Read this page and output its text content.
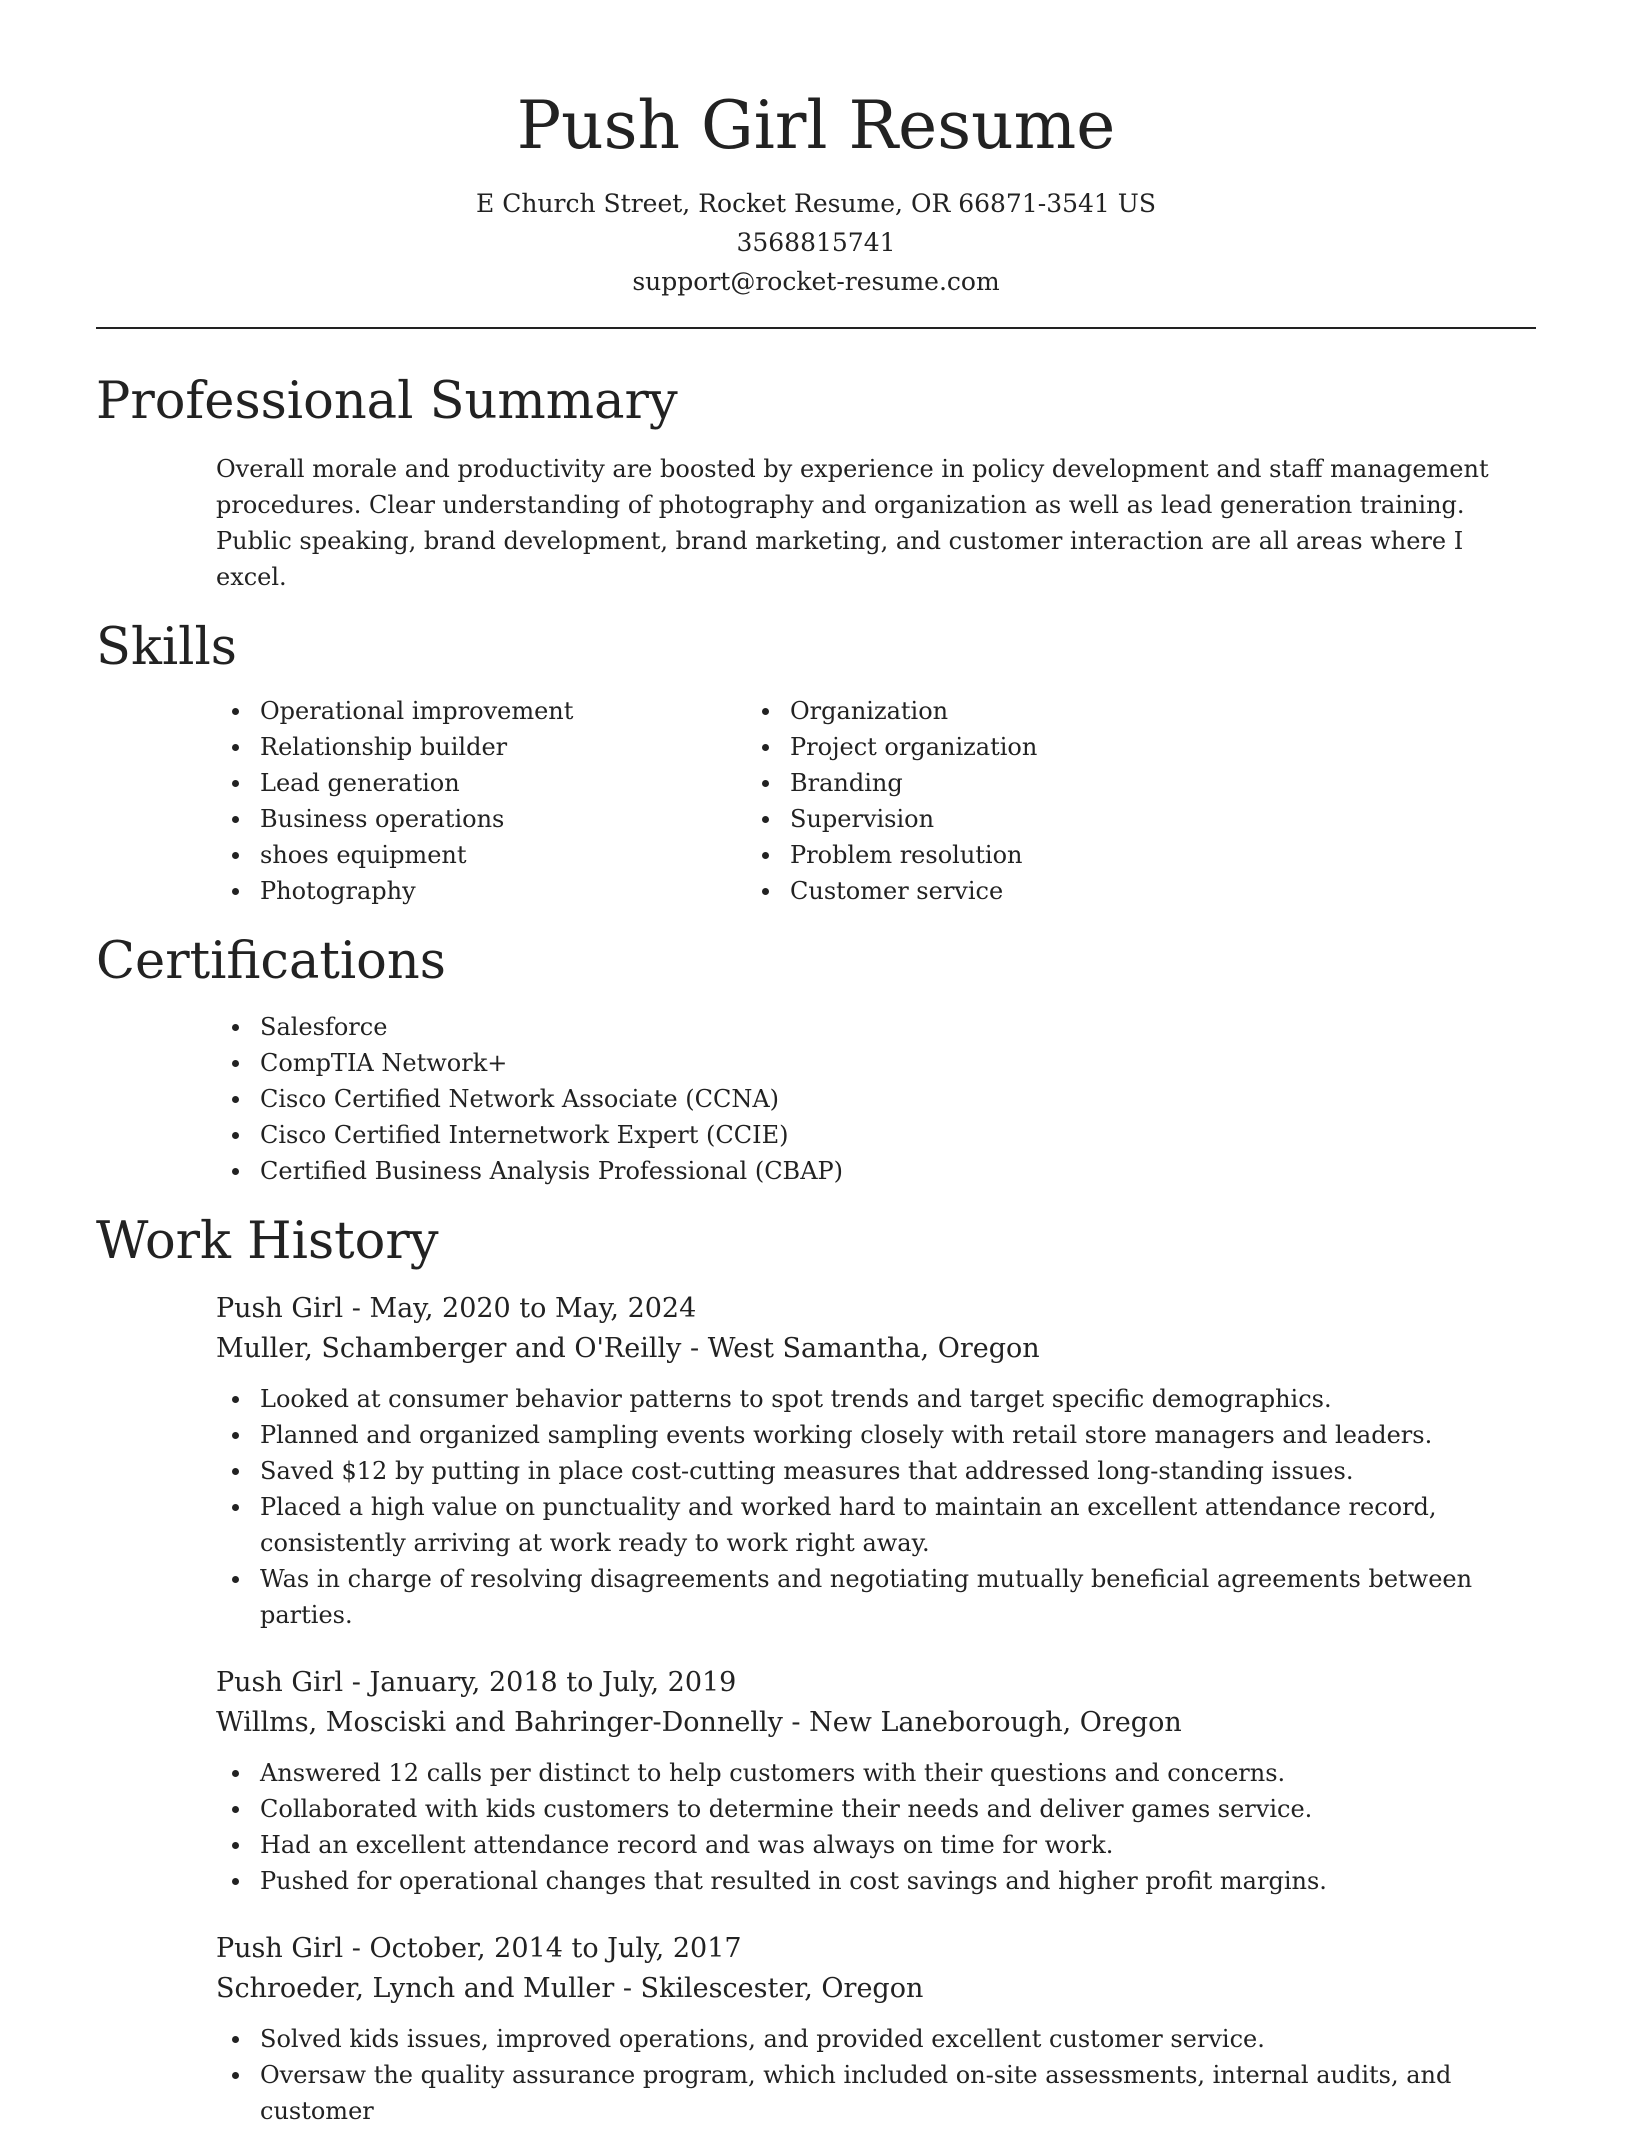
Push Girl Resume
E Church Street, Rocket Resume, OR 66871-3541 US
3568815741
support@rocket-resume.com
Professional Summary

Overall morale and productivity are boosted by experience in policy development and staff management procedures. Clear understanding of photography and organization as well as lead generation training. Public speaking, brand development, brand marketing, and customer interaction are all areas where I excel.

Skills
Operational improvement
Relationship builder
Lead generation
Business operations
shoes equipment
Photography
Organization
Project organization
Branding
Supervision
Problem resolution
Customer service
Certifications
Salesforce
CompTIA Network+
Cisco Certified Network Associate (CCNA)
Cisco Certified Internetwork Expert (CCIE)
Certified Business Analysis Professional (CBAP)
Work History
Push Girl - May, 2020 to May, 2024
Muller, Schamberger and O'Reilly - West Samantha, Oregon
Looked at consumer behavior patterns to spot trends and target specific demographics.
Planned and organized sampling events working closely with retail store managers and leaders.
Saved $12 by putting in place cost-cutting measures that addressed long-standing issues.
Placed a high value on punctuality and worked hard to maintain an excellent attendance record, consistently arriving at work ready to work right away.
Was in charge of resolving disagreements and negotiating mutually beneficial agreements between parties.
Push Girl - January, 2018 to July, 2019
Willms, Mosciski and Bahringer-Donnelly - New Laneborough, Oregon
Answered 12 calls per distinct to help customers with their questions and concerns.
Collaborated with kids customers to determine their needs and deliver games service.
Had an excellent attendance record and was always on time for work.
Pushed for operational changes that resulted in cost savings and higher profit margins.
Push Girl - October, 2014 to July, 2017
Schroeder, Lynch and Muller - Skilescester, Oregon
Solved kids issues, improved operations, and provided excellent customer service.
Oversaw the quality assurance program, which included on-site assessments, internal audits, and customer
